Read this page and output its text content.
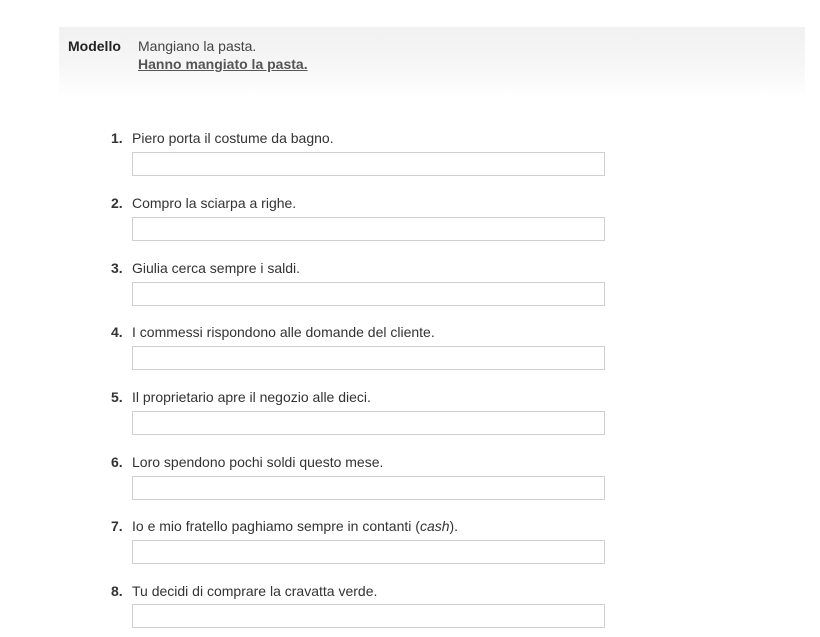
Modello Mangiano la pasta.
Hanno mangiato la pasta.
1. Piero porta il costume da bagno.
2. Compro la sciarpa a righe.
3. Giulia cerca sempre i saldi.
4. I commessi rispondono alle domande del cliente.
5. Il proprietario apre il negozio alle dieci.
6. Loro spendono pochi soldi questo mese.
7. Io e mio fratello paghiamo sempre in contanti (cash).
8. Tu decidi di comprare la cravatta verde.
